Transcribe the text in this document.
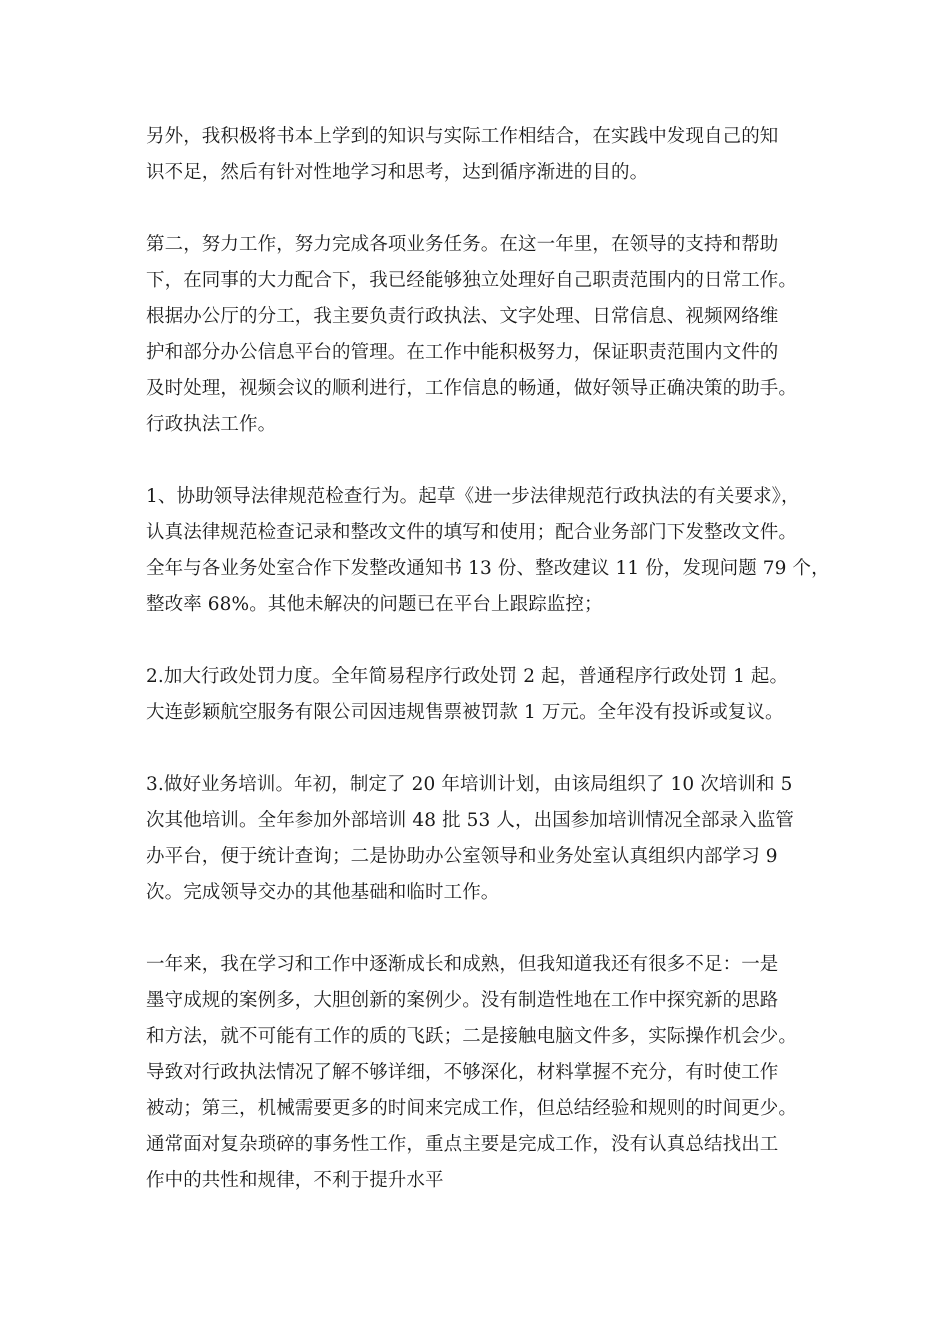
另外，我积极将书本上学到的知识与实际工作相结合，在实践中发现自己的知
识不足，然后有针对性地学习和思考，达到循序渐进的目的。
第二，努力工作，努力完成各项业务任务。在这一年里，在领导的支持和帮助
下，在同事的大力配合下，我已经能够独立处理好自己职责范围内的日常工作。
根据办公厅的分工，我主要负责行政执法、文字处理、日常信息、视频网络维
护和部分办公信息平台的管理。在工作中能积极努力，保证职责范围内文件的
及时处理，视频会议的顺利进行，工作信息的畅通，做好领导正确决策的助手。
行政执法工作。
1、协助领导法律规范检查行为。起草《进一步法律规范行政执法的有关要求》，
认真法律规范检查记录和整改文件的填写和使用；配合业务部门下发整改文件。
全年与各业务处室合作下发整改通知书 13 份、整改建议 11 份，发现问题 79 个，
整改率 68%。其他未解决的问题已在平台上跟踪监控；
2.加大行政处罚力度。全年简易程序行政处罚 2 起，普通程序行政处罚 1 起。
大连彭颖航空服务有限公司因违规售票被罚款 1 万元。全年没有投诉或复议。
3.做好业务培训。年初，制定了 20 年培训计划，由该局组织了 10 次培训和 5
次其他培训。全年参加外部培训 48 批 53 人，出国参加培训情况全部录入监管
办平台，便于统计查询；二是协助办公室领导和业务处室认真组织内部学习 9
次。完成领导交办的其他基础和临时工作。
一年来，我在学习和工作中逐渐成长和成熟，但我知道我还有很多不足：一是
墨守成规的案例多，大胆创新的案例少。没有制造性地在工作中探究新的思路
和方法，就不可能有工作的质的飞跃；二是接触电脑文件多，实际操作机会少。
导致对行政执法情况了解不够详细，不够深化，材料掌握不充分，有时使工作
被动；第三，机械需要更多的时间来完成工作，但总结经验和规则的时间更少。
通常面对复杂琐碎的事务性工作，重点主要是完成工作，没有认真总结找出工
作中的共性和规律，不利于提升水平
